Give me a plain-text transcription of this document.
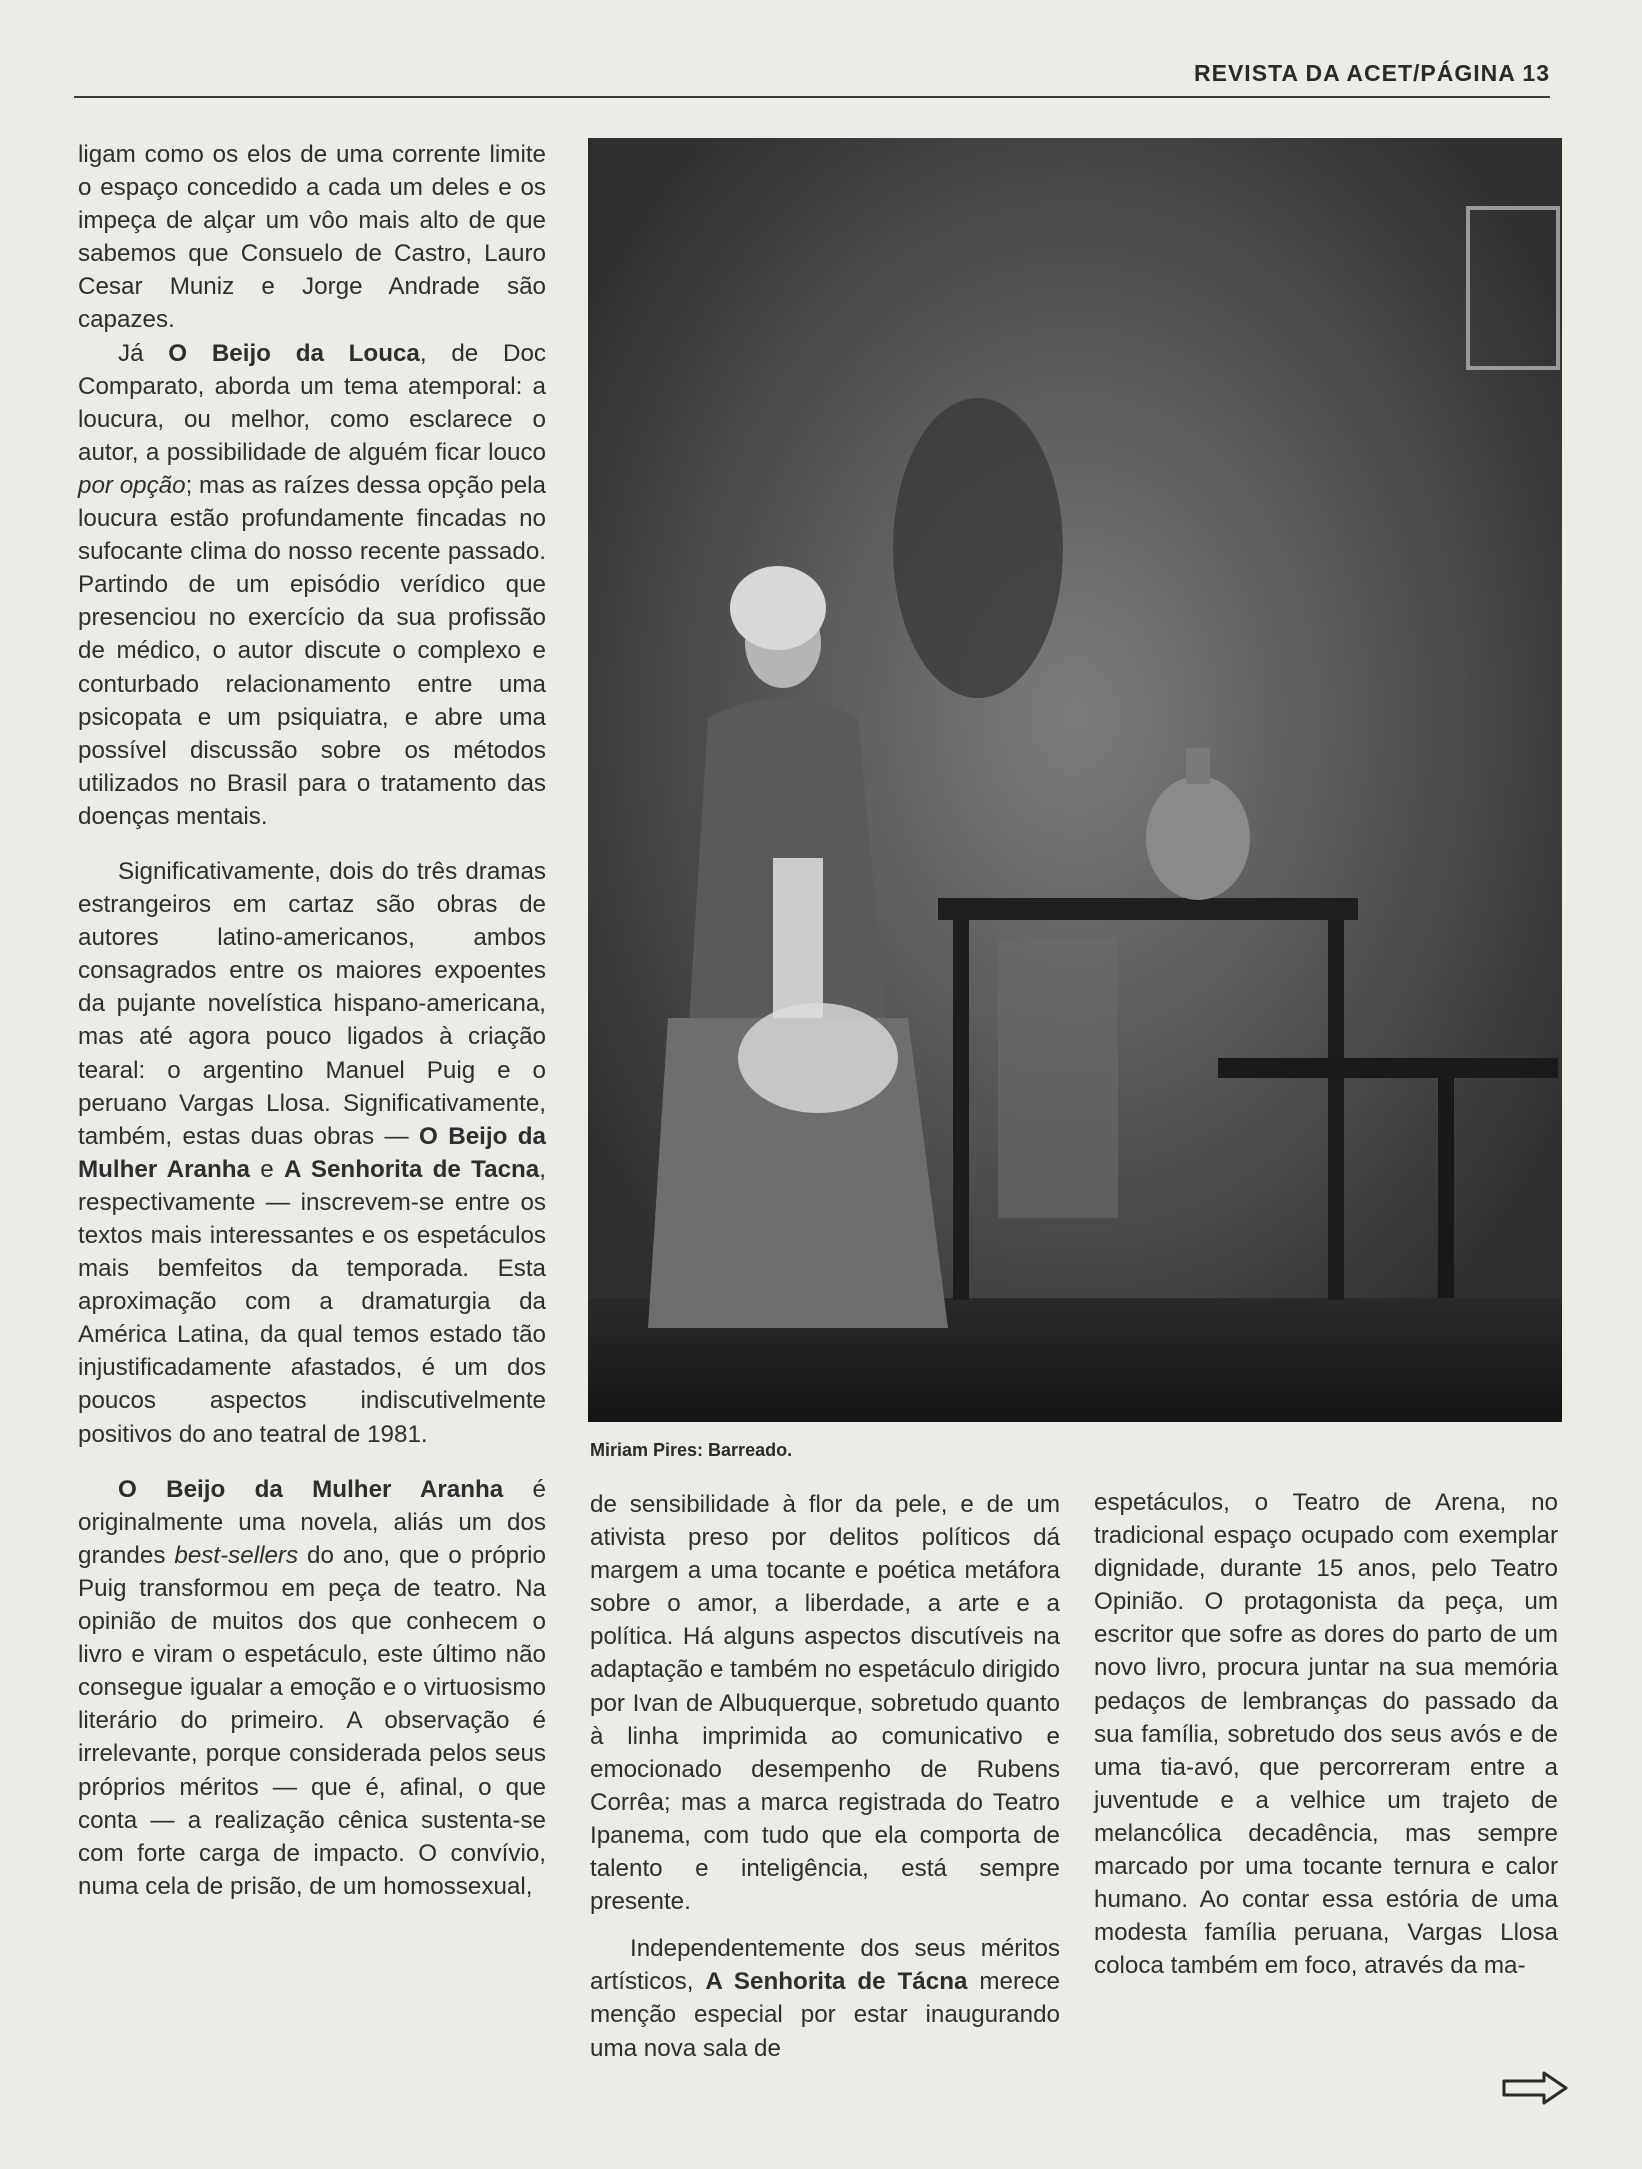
REVISTA DA ACET/PÁGINA 13

ligam como os elos de uma corrente limite o espaço concedido a cada um deles e os impeça de alçar um vôo mais alto de que sabemos que Consuelo de Castro, Lauro Cesar Muniz e Jorge Andrade são capazes.

Já O Beijo da Louca, de Doc Comparato, aborda um tema atemporal: a loucura, ou melhor, como esclarece o autor, a possibilidade de alguém ficar louco por opção; mas as raízes dessa opção pela loucura estão profundamente fincadas no sufocante clima do nosso recente passado. Partindo de um episódio verídico que presenciou no exercício da sua profissão de médico, o autor discute o complexo e conturbado relacionamento entre uma psicopata e um psiquiatra, e abre uma possível discussão sobre os métodos utilizados no Brasil para o tratamento das doenças mentais.

Significativamente, dois do três dramas estrangeiros em cartaz são obras de autores latino-americanos, ambos consagrados entre os maiores expoentes da pujante novelística hispano-americana, mas até agora pouco ligados à criação tearal: o argentino Manuel Puig e o peruano Vargas Llosa. Significativamente, também, estas duas obras — O Beijo da Mulher Aranha e A Senhorita de Tacna, respectivamente — inscrevem-se entre os textos mais interessantes e os espetáculos mais bemfeitos da temporada. Esta aproximação com a dramaturgia da América Latina, da qual temos estado tão injustificadamente afastados, é um dos poucos aspectos indiscutivelmente positivos do ano teatral de 1981.

O Beijo da Mulher Aranha é originalmente uma novela, aliás um dos grandes best-sellers do ano, que o próprio Puig transformou em peça de teatro. Na opinião de muitos dos que conhecem o livro e viram o espetáculo, este último não consegue igualar a emoção e o virtuosismo literário do primeiro. A observação é irrelevante, porque considerada pelos seus próprios méritos — que é, afinal, o que conta — a realização cênica sustenta-se com forte carga de impacto. O convívio, numa cela de prisão, de um homossexual,

Miriam Pires: Barreado.

de sensibilidade à flor da pele, e de um ativista preso por delitos políticos dá margem a uma tocante e poética metáfora sobre o amor, a liberdade, a arte e a política. Há alguns aspectos discutíveis na adaptação e também no espetáculo dirigido por Ivan de Albuquerque, sobretudo quanto à linha imprimida ao comunicativo e emocionado desempenho de Rubens Corrêa; mas a marca registrada do Teatro Ipanema, com tudo que ela comporta de talento e inteligência, está sempre presente.

Independentemente dos seus méritos artísticos, A Senhorita de Tácna merece menção especial por estar inaugurando uma nova sala de

espetáculos, o Teatro de Arena, no tradicional espaço ocupado com exemplar dignidade, durante 15 anos, pelo Teatro Opinião. O protagonista da peça, um escritor que sofre as dores do parto de um novo livro, procura juntar na sua memória pedaços de lembranças do passado da sua família, sobretudo dos seus avós e de uma tia-avó, que percorreram entre a juventude e a velhice um trajeto de melancólica decadência, mas sempre marcado por uma tocante ternura e calor humano. Ao contar essa estória de uma modesta família peruana, Vargas Llosa coloca também em foco, através da ma-
